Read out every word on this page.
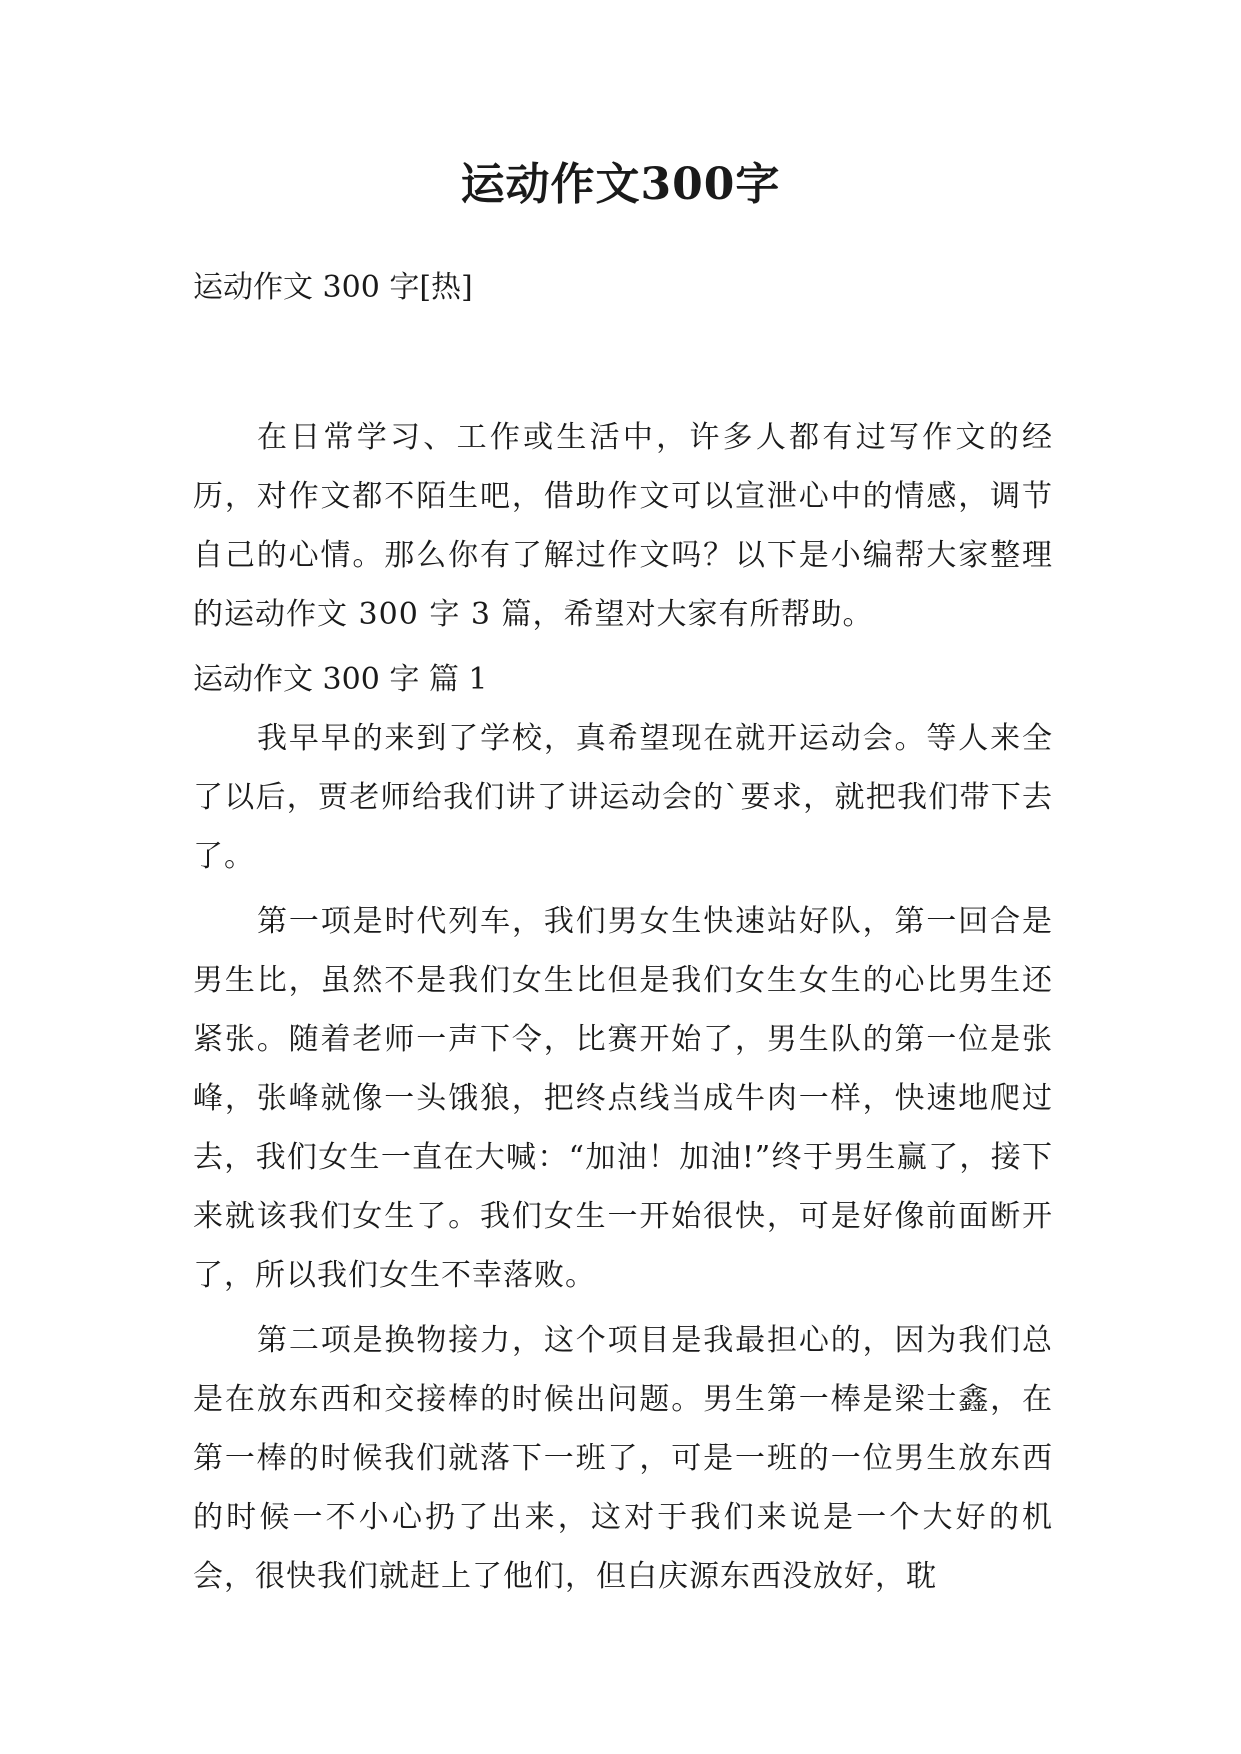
运动作文300字

运动作文 300 字[热]

在日常学习、工作或生活中，许多人都有过写作文的经历，对作文都不陌生吧，借助作文可以宣泄心中的情感，调节自己的心情。那么你有了解过作文吗？以下是小编帮大家整理的运动作文 300 字 3 篇，希望对大家有所帮助。

运动作文 300 字 篇 1

我早早的来到了学校，真希望现在就开运动会。等人来全了以后，贾老师给我们讲了讲运动会的`要求，就把我们带下去了。

第一项是时代列车，我们男女生快速站好队，第一回合是男生比，虽然不是我们女生比但是我们女生女生的心比男生还紧张。随着老师一声下令，比赛开始了，男生队的第一位是张峰，张峰就像一头饿狼，把终点线当成牛肉一样，快速地爬过去，我们女生一直在大喊：“加油！加油!”终于男生赢了，接下来就该我们女生了。我们女生一开始很快，可是好像前面断开了，所以我们女生不幸落败。

第二项是换物接力，这个项目是我最担心的，因为我们总是在放东西和交接棒的时候出问题。男生第一棒是梁士鑫，在第一棒的时候我们就落下一班了，可是一班的一位男生放东西的时候一不小心扔了出来，这对于我们来说是一个大好的机会，很快我们就赶上了他们，但白庆源东西没放好，耽
